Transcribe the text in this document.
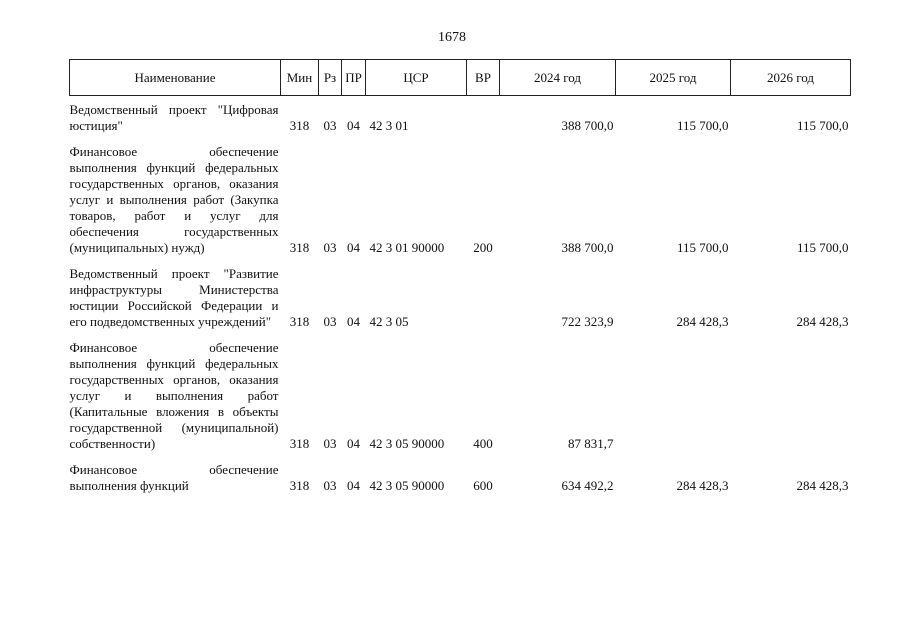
1678
Наименование	Мин	Рз	ПР	ЦСР	ВР	2024 год	2025 год	2026 год

Ведомственный проект "Цифровая юстиция"	318	03	04	42 3 01		388 700,0	115 700,0	115 700,0

Финансовое обеспечение выполнения функций федеральных государственных органов, оказания услуг и выполнения работ (Закупка товаров, работ и услуг для обеспечения государственных (муниципальных) нужд)	318	03	04	42 3 01 90000	200	388 700,0	115 700,0	115 700,0

Ведомственный проект "Развитие инфраструктуры Министерства юстиции Российской Федерации и его подведомственных учреждений"	318	03	04	42 3 05		722 323,9	284 428,3	284 428,3

Финансовое обеспечение выполнения функций федеральных государственных органов, оказания услуг и выполнения работ (Капитальные вложения в объекты государственной (муниципальной) собственности)	318	03	04	42 3 05 90000	400	87 831,7		

Финансовое обеспечение выполнения функций	318	03	04	42 3 05 90000	600	634 492,2	284 428,3	284 428,3
